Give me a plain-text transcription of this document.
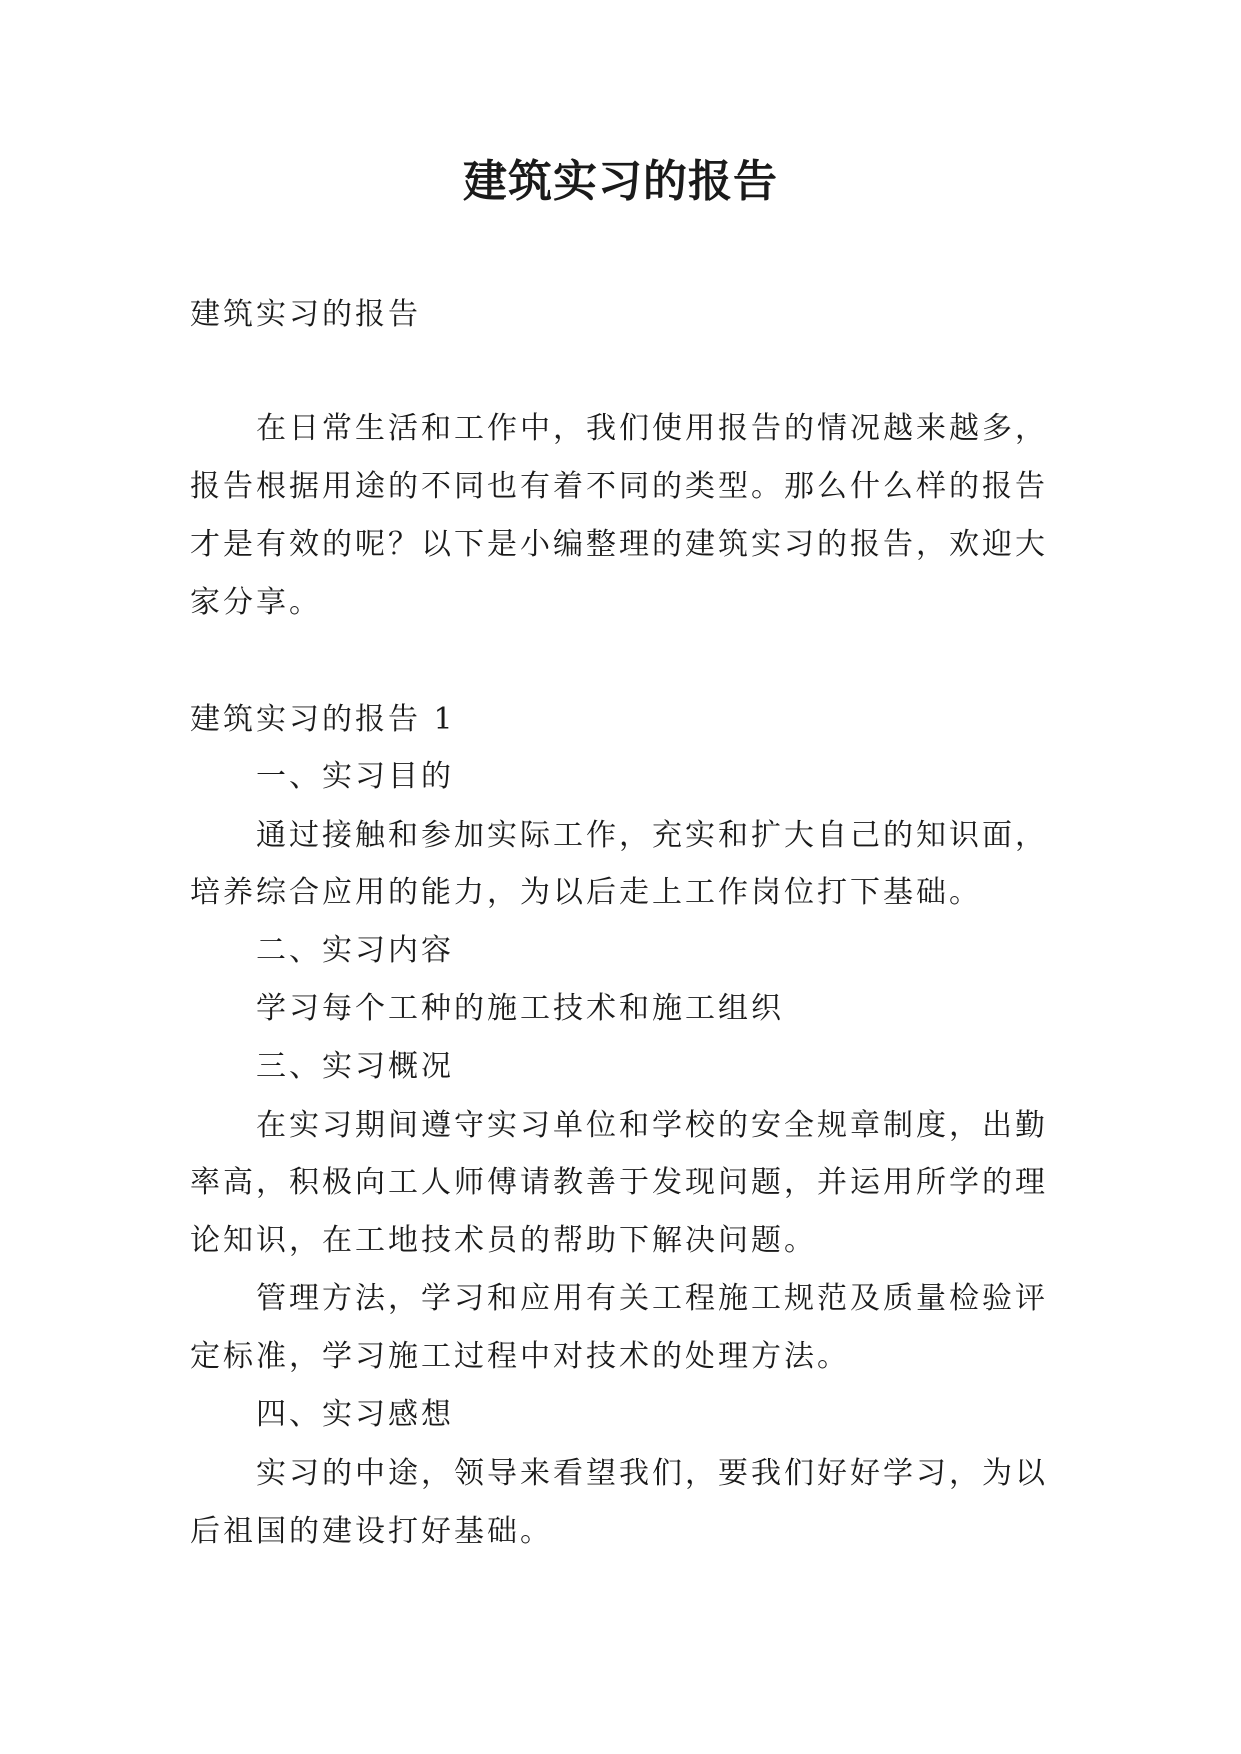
建筑实习的报告
建筑实习的报告
在日常生活和工作中，我们使用报告的情况越来越多，
报告根据用途的不同也有着不同的类型。那么什么样的报告
才是有效的呢？以下是小编整理的建筑实习的报告，欢迎大
家分享。
建筑实习的报告 1
一、实习目的
通过接触和参加实际工作，充实和扩大自己的知识面，
培养综合应用的能力，为以后走上工作岗位打下基础。
二、实习内容
学习每个工种的施工技术和施工组织
三、实习概况
在实习期间遵守实习单位和学校的安全规章制度，出勤
率高，积极向工人师傅请教善于发现问题，并运用所学的理
论知识，在工地技术员的帮助下解决问题。
管理方法，学习和应用有关工程施工规范及质量检验评
定标准，学习施工过程中对技术的处理方法。
四、实习感想
实习的中途，领导来看望我们，要我们好好学习，为以
后祖国的建设打好基础。
